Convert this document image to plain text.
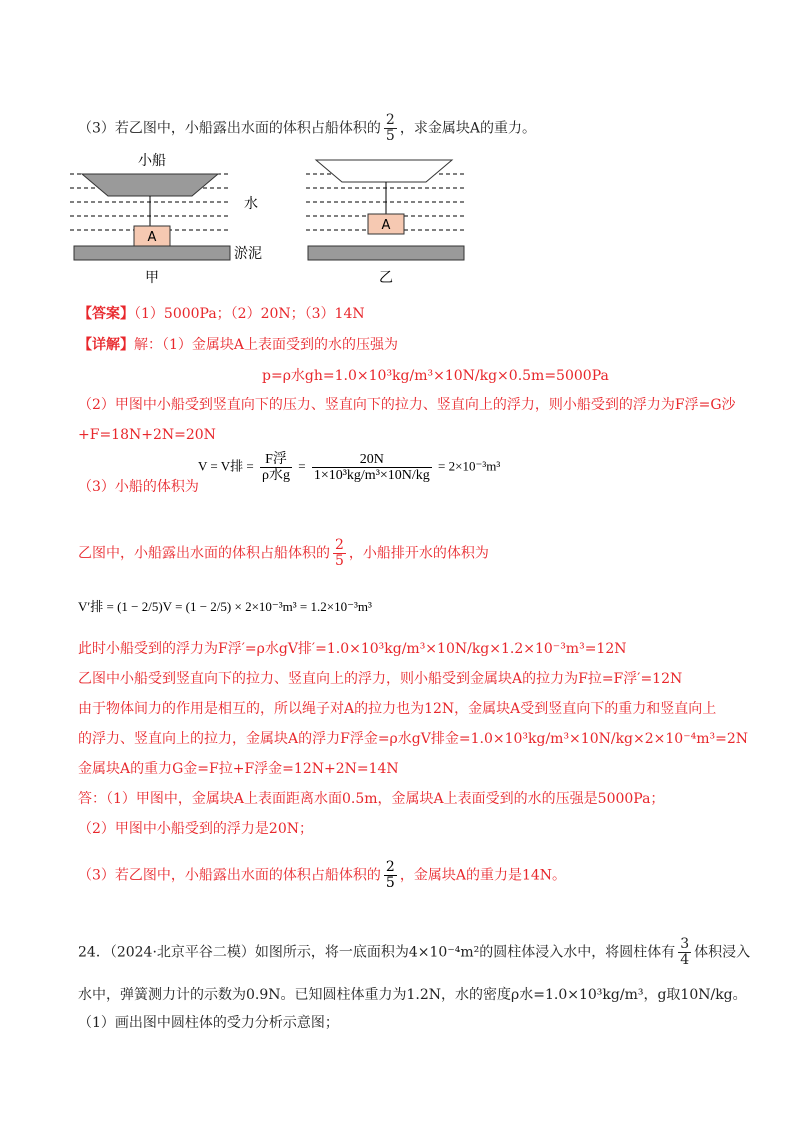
（3）若乙图中，小船露出水面的体积占船体积的 $\frac{2}{5}$ ，求金属块A的重力。
A
小船
水
淤泥
甲
A
乙
【答案】（1）5000Pa；（2）20N；（3）14N
【详解】解：（1）金属块A上表面受到的水的压强为
p=ρ水gh=1.0×10³kg/m³×10N/kg×0.5m=5000Pa
（2）甲图中小船受到竖直向下的压力、竖直向下的拉力、竖直向上的浮力，则小船受到的浮力为F浮=G沙
+F=18N+2N=20N
（3）小船的体积为
V = V排 = $\frac{\text{F浮}}{\text{ρ水g}} = \frac{20N}{\text{1×10³kg/m³×10N/kg}} = 2\times 10^{-3}m^3$
乙图中，小船露出水面的体积占船体积的 $\frac{2}{5}$ ，小船排开水的体积为
V′排 = (1 − 2/5)V = (1 − 2/5) × 2×10⁻³m³ = 1.2×10⁻³m³
此时小船受到的浮力为F浮′=ρ水gV排′=1.0×10³kg/m³×10N/kg×1.2×10⁻³m³=12N
乙图中小船受到竖直向下的拉力、竖直向上的浮力，则小船受到金属块A的拉力为F拉=F浮′=12N
由于物体间力的作用是相互的，所以绳子对A的拉力也为12N，金属块A受到竖直向下的重力和竖直向上
的浮力、竖直向上的拉力，金属块A的浮力F浮金=ρ水gV排金=1.0×10³kg/m³×10N/kg×2×10⁻⁴m³=2N
金属块A的重力G金=F拉+F浮金=12N+2N=14N
答：（1）甲图中，金属块A上表面距离水面0.5m，金属块A上表面受到的水的压强是5000Pa；
（2）甲图中小船受到的浮力是20N；
（3）若乙图中，小船露出水面的体积占船体积的 $\frac{2}{5}$ ，金属块A的重力是14N。
24．（2024·北京平谷二模）如图所示，将一底面积为4×10⁻⁴m²的圆柱体浸入水中，将圆柱体有 $\frac{3}{4}$ 体积浸入
水中，弹簧测力计的示数为0.9N。已知圆柱体重力为1.2N，水的密度ρ水=1.0×10³kg/m³，g取10N/kg。
（1）画出图中圆柱体的受力分析示意图；
